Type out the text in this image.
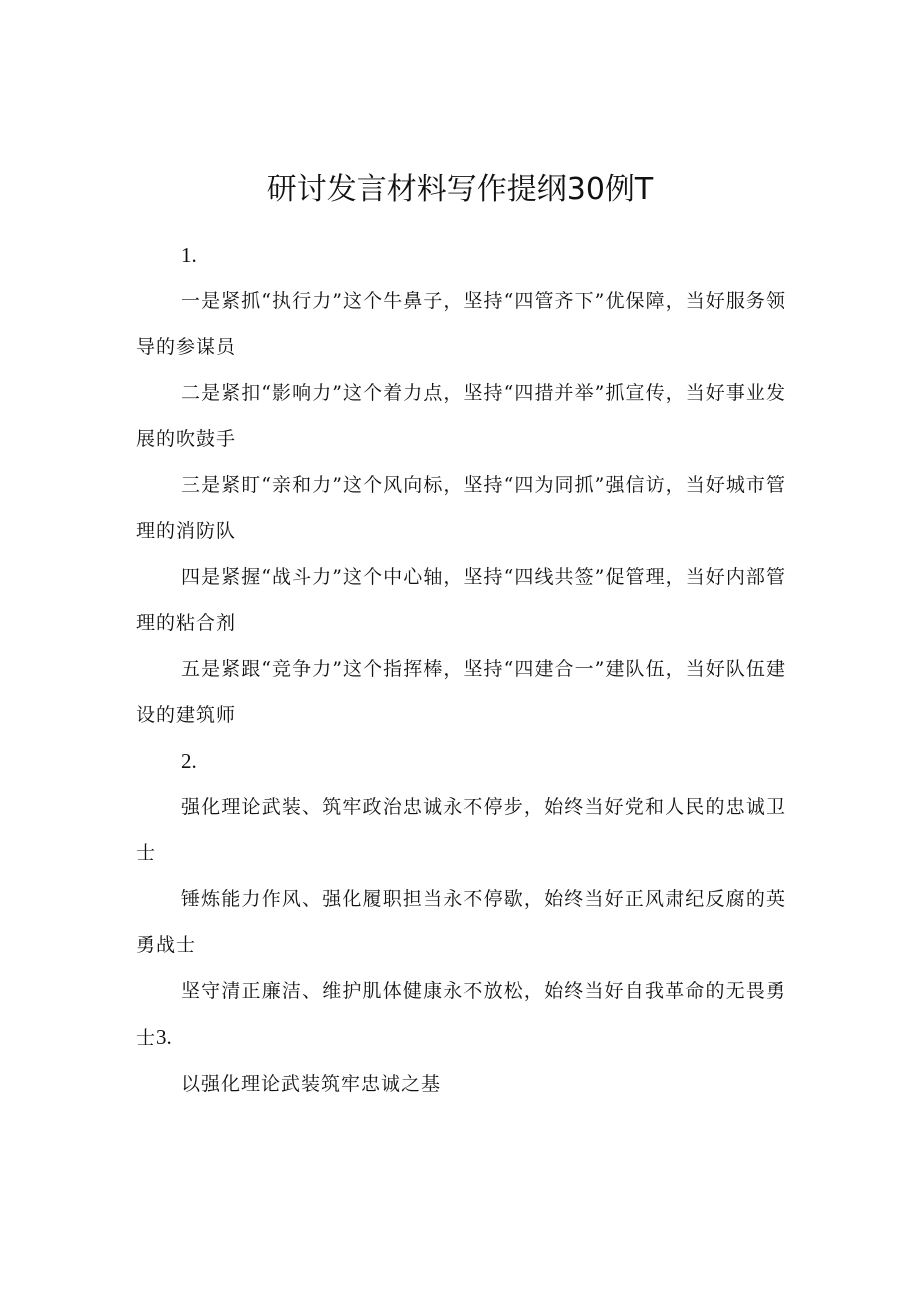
研讨发言材料写作提纲30例T

1.

一是紧抓“执行力”这个牛鼻子，坚持“四管齐下”优保障，当好服务领导的参谋员

二是紧扣“影响力”这个着力点，坚持“四措并举”抓宣传，当好事业发展的吹鼓手

三是紧盯“亲和力”这个风向标，坚持“四为同抓”强信访，当好城市管理的消防队

四是紧握“战斗力”这个中心轴，坚持“四线共签”促管理，当好内部管理的粘合剂

五是紧跟“竞争力”这个指挥棒，坚持“四建合一”建队伍，当好队伍建设的建筑师

2.

强化理论武装、筑牢政治忠诚永不停步，始终当好党和人民的忠诚卫士

锤炼能力作风、强化履职担当永不停歇，始终当好正风肃纪反腐的英勇战士

坚守清正廉洁、维护肌体健康永不放松，始终当好自我革命的无畏勇士3.

以强化理论武装筑牢忠诚之基
